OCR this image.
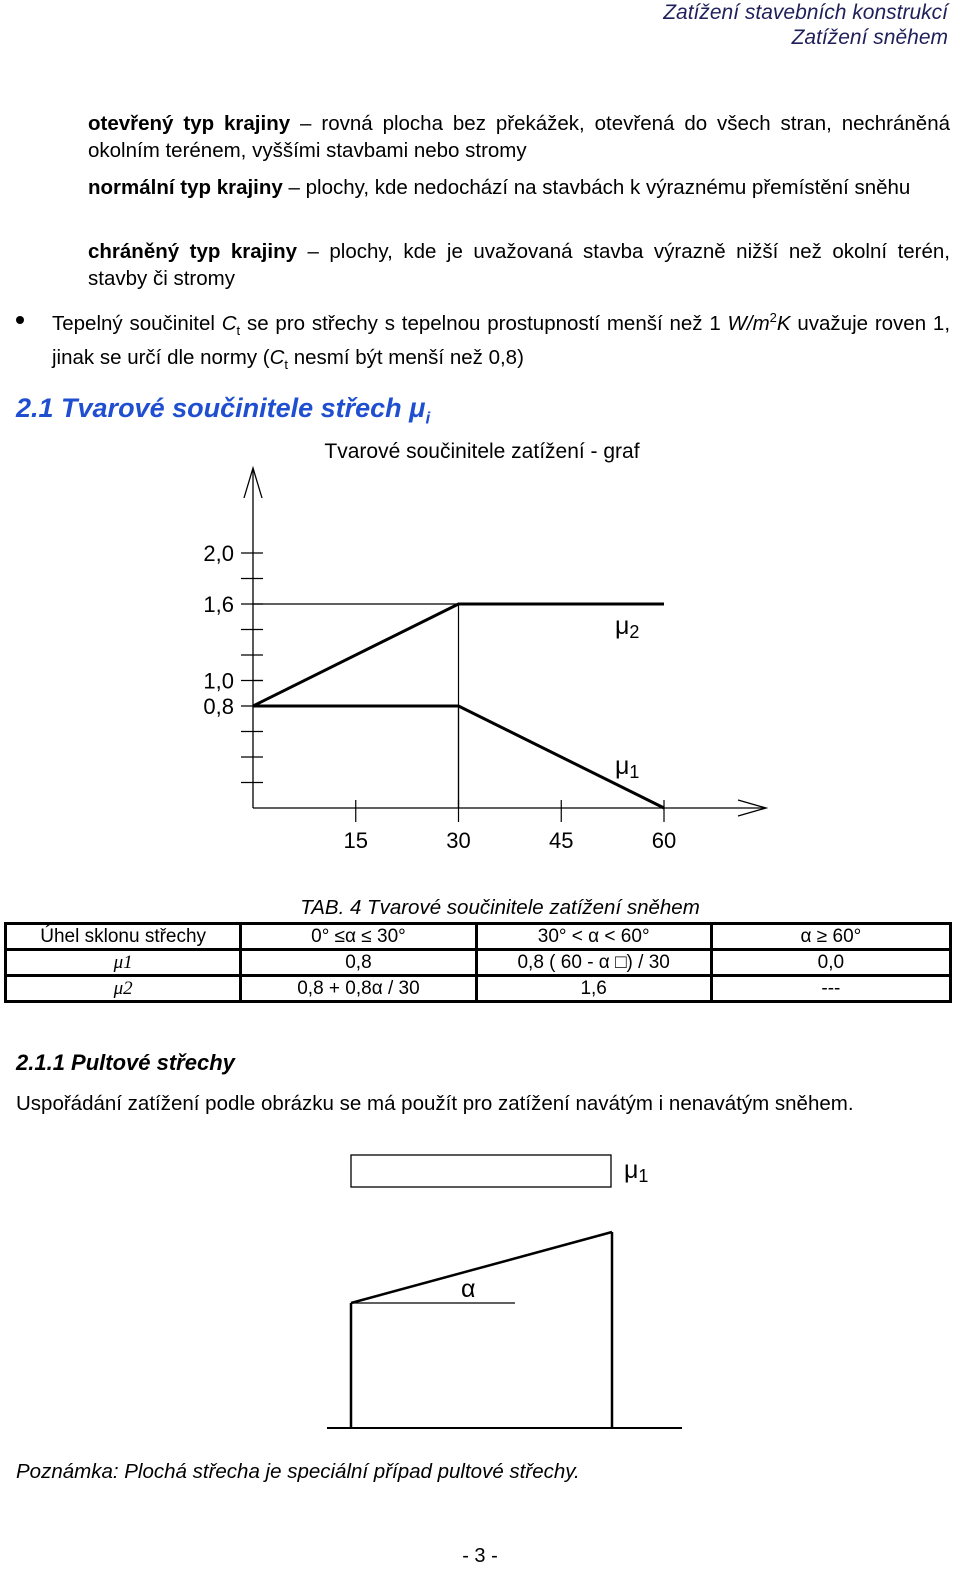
Zatížení stavebních konstrukcí
Zatížení sněhem
otevřený typ krajiny – rovná plocha bez překážek, otevřená do všech stran, nechráněná okolním terénem, vyššími stavbami nebo stromy
normální typ krajiny – plochy, kde nedochází na stavbách k výraznému přemístění sněhu
chráněný typ krajiny – plochy, kde je uvažovaná stavba výrazně nižší než okolní terén, stavby či stromy
Tepelný součinitel $C_t$ se pro střechy s tepelnou prostupností menší než 1 $W/m^2K$ uvažuje roven 1, jinak se určí dle normy ($C_t$ nesmí být menší než 0,8)
2.1 Tvarové součinitele střech $\mu_i$
Tvarové součinitele zatížení - graf
2,0
1,6
1,0
0,8
15	30	45	60
μ2
μ1
TAB. 4 Tvarové součinitele zatížení sněhem
Úhel sklonu střechy	0° ≤α ≤ 30°	30° < α < 60°	α ≥ 60°
μ1	0,8	0,8 ( 60 - α □) / 30	0,0
μ2	0,8 + 0,8α / 30	1,6	---
2.1.1 Pultové střechy
Uspořádání zatížení podle obrázku se má použít pro zatížení navátým i nenavátým sněhem.
μ1
α
Poznámka: Plochá střecha je speciální případ pultové střechy.
- 3 -
